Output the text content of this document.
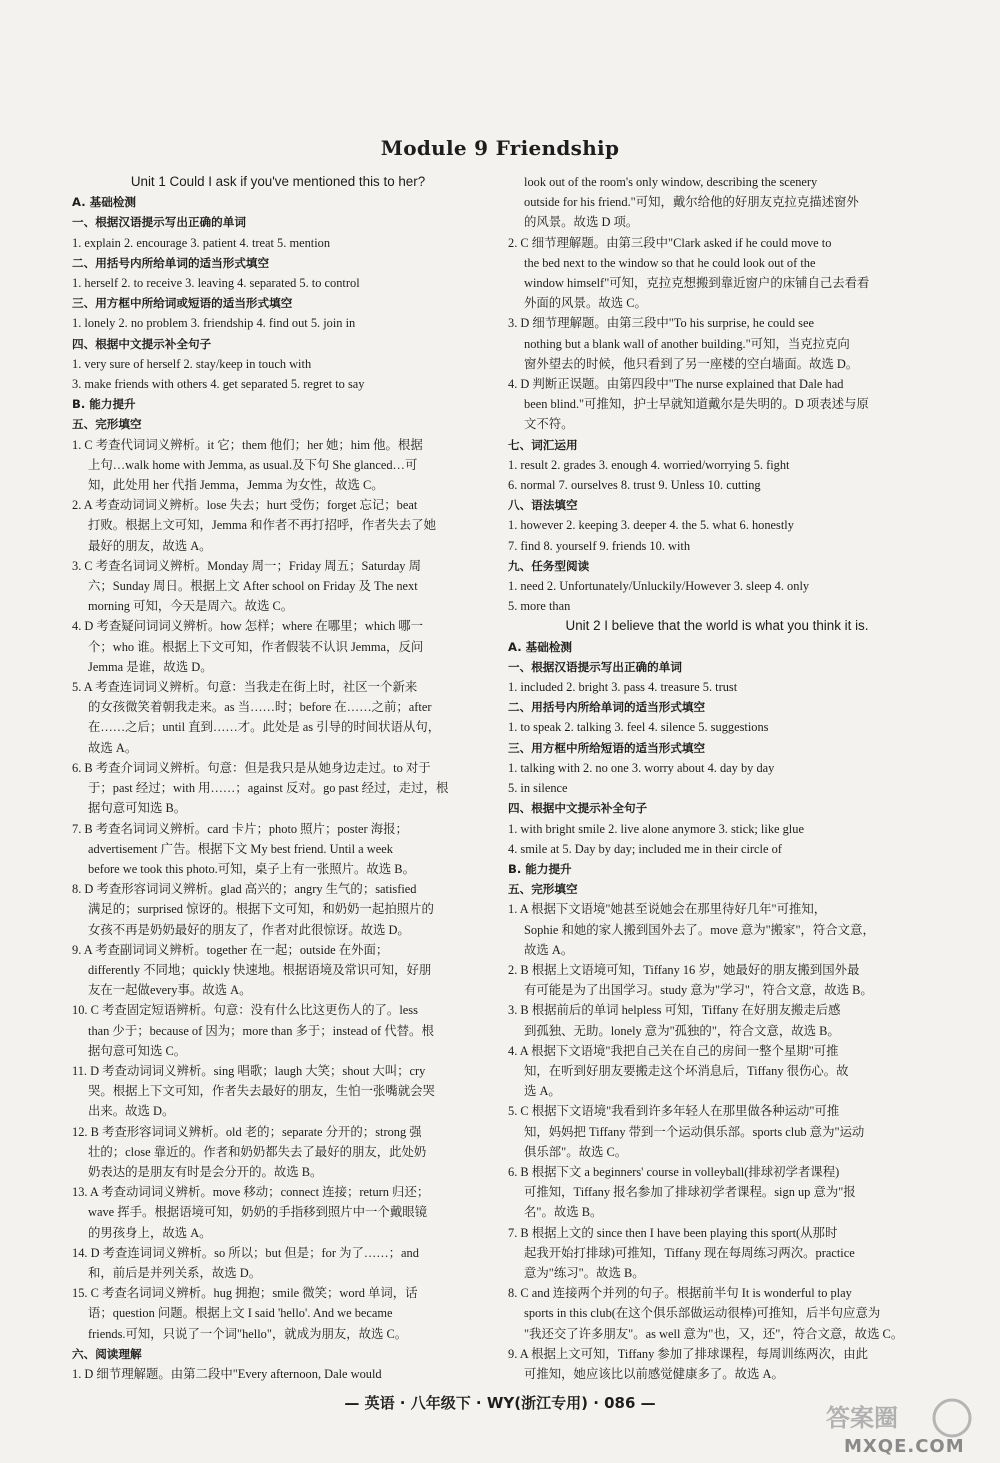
Module 9 Friendship
Unit 1 Could I ask if you've mentioned this to her?
A. 基础检测
一、根据汉语提示写出正确的单词
1. explain 2. encourage 3. patient 4. treat 5. mention
二、用括号内所给单词的适当形式填空
1. herself 2. to receive 3. leaving 4. separated 5. to control
三、用方框中所给词或短语的适当形式填空
1. lonely 2. no problem 3. friendship 4. find out 5. join in
四、根据中文提示补全句子
1. very sure of herself 2. stay/keep in touch with
3. make friends with others 4. get separated 5. regret to say
B. 能力提升
五、完形填空
1. C 考查代词词义辨析。it 它；them 他们；her 她；him 他。根据
上句…walk home with Jemma, as usual.及下句 She glanced…可
知，此处用 her 代指 Jemma，Jemma 为女性，故选 C。
2. A 考查动词词义辨析。lose 失去；hurt 受伤；forget 忘记；beat
打败。根据上文可知，Jemma 和作者不再打招呼，作者失去了她
最好的朋友，故选 A。
3. C 考查名词词义辨析。Monday 周一；Friday 周五；Saturday 周
六；Sunday 周日。根据上文 After school on Friday 及 The next
morning 可知，今天是周六。故选 C。
4. D 考查疑问词词义辨析。how 怎样；where 在哪里；which 哪一
个；who 谁。根据上下文可知，作者假装不认识 Jemma，反问
Jemma 是谁，故选 D。
5. A 考查连词词义辨析。句意：当我走在街上时，社区一个新来
的女孩微笑着朝我走来。as 当……时；before 在……之前；after
在……之后；until 直到……才。此处是 as 引导的时间状语从句，
故选 A。
6. B 考查介词词义辨析。句意：但是我只是从她身边走过。to 对于
于；past 经过；with 用……；against 反对。go past 经过，走过，根
据句意可知选 B。
7. B 考查名词词义辨析。card 卡片；photo 照片；poster 海报；
advertisement 广告。根据下文 My best friend. Until a week
before we took this photo.可知，桌子上有一张照片。故选 B。
8. D 考查形容词词义辨析。glad 高兴的；angry 生气的；satisfied
满足的；surprised 惊讶的。根据下文可知，和奶奶一起拍照片的
女孩不再是奶奶最好的朋友了，作者对此很惊讶。故选 D。
9. A 考查副词词义辨析。together 在一起；outside 在外面；
differently 不同地；quickly 快速地。根据语境及常识可知，好朋
友在一起做every事。故选 A。
10. C 考查固定短语辨析。句意：没有什么比这更伤人的了。less
than 少于；because of 因为；more than 多于；instead of 代替。根
据句意可知选 C。
11. D 考查动词词义辨析。sing 唱歌；laugh 大笑；shout 大叫；cry
哭。根据上下文可知，作者失去最好的朋友，生怕一张嘴就会哭
出来。故选 D。
12. B 考查形容词词义辨析。old 老的；separate 分开的；strong 强
壮的；close 靠近的。作者和奶奶都失去了最好的朋友，此处奶
奶表达的是朋友有时是会分开的。故选 B。
13. A 考查动词词义辨析。move 移动；connect 连接；return 归还；
wave 挥手。根据语境可知，奶奶的手指移到照片中一个戴眼镜
的男孩身上，故选 A。
14. D 考查连词词义辨析。so 所以；but 但是；for 为了……；and
和，前后是并列关系，故选 D。
15. C 考查名词词义辨析。hug 拥抱；smile 微笑；word 单词，话
语；question 问题。根据上文 I said 'hello'. And we became
friends.可知，只说了一个词"hello"，就成为朋友，故选 C。
六、阅读理解
1. D 细节理解题。由第二段中"Every afternoon, Dale would
look out of the room's only window, describing the scenery
outside for his friend."可知，戴尔给他的好朋友克拉克描述窗外
的风景。故选 D 项。
2. C 细节理解题。由第三段中"Clark asked if he could move to
the bed next to the window so that he could look out of the
window himself"可知，克拉克想搬到靠近窗户的床铺自己去看看
外面的风景。故选 C。
3. D 细节理解题。由第三段中"To his surprise, he could see
nothing but a blank wall of another building."可知，当克拉克向
窗外望去的时候，他只看到了另一座楼的空白墙面。故选 D。
4. D 判断正误题。由第四段中"The nurse explained that Dale had
been blind."可推知，护士早就知道戴尔是失明的。D 项表述与原
文不符。
七、词汇运用
1. result 2. grades 3. enough 4. worried/worrying 5. fight
6. normal 7. ourselves 8. trust 9. Unless 10. cutting
八、语法填空
1. however 2. keeping 3. deeper 4. the 5. what 6. honestly
7. find 8. yourself 9. friends 10. with
九、任务型阅读
1. need 2. Unfortunately/Unluckily/However 3. sleep 4. only
5. more than
Unit 2 I believe that the world is what you think it is.
A. 基础检测
一、根据汉语提示写出正确的单词
1. included 2. bright 3. pass 4. treasure 5. trust
二、用括号内所给单词的适当形式填空
1. to speak 2. talking 3. feel 4. silence 5. suggestions
三、用方框中所给短语的适当形式填空
1. talking with 2. no one 3. worry about 4. day by day
5. in silence
四、根据中文提示补全句子
1. with bright smile 2. live alone anymore 3. stick; like glue
4. smile at 5. Day by day; included me in their circle of
B. 能力提升
五、完形填空
1. A 根据下文语境"她甚至说她会在那里待好几年"可推知，
Sophie 和她的家人搬到国外去了。move 意为"搬家"，符合文意，
故选 A。
2. B 根据上文语境可知，Tiffany 16 岁，她最好的朋友搬到国外最
有可能是为了出国学习。study 意为"学习"，符合文意，故选 B。
3. B 根据前后的单词 helpless 可知，Tiffany 在好朋友搬走后感
到孤独、无助。lonely 意为"孤独的"，符合文意，故选 B。
4. A 根据下文语境"我把自己关在自己的房间一整个星期"可推
知，在听到好朋友要搬走这个坏消息后，Tiffany 很伤心。故
选 A。
5. C 根据下文语境"我看到许多年轻人在那里做各种运动"可推
知，妈妈把 Tiffany 带到一个运动俱乐部。sports club 意为"运动
俱乐部"。故选 C。
6. B 根据下文 a beginners' course in volleyball(排球初学者课程)
可推知，Tiffany 报名参加了排球初学者课程。sign up 意为"报
名"。故选 B。
7. B 根据上文的 since then I have been playing this sport(从那时
起我开始打排球)可推知，Tiffany 现在每周练习两次。practice
意为"练习"。故选 B。
8. C and 连接两个并列的句子。根据前半句 It is wonderful to play
sports in this club(在这个俱乐部做运动很棒)可推知，后半句应意为
"我还交了许多朋友"。as well 意为"也，又，还"，符合文意，故选 C。
9. A 根据上文可知，Tiffany 参加了排球课程，每周训练两次，由此
可推知，她应该比以前感觉健康多了。故选 A。
— 英语 · 八年级下 · WY(浙江专用) · 086 —
答案圈
MXQE.COM
